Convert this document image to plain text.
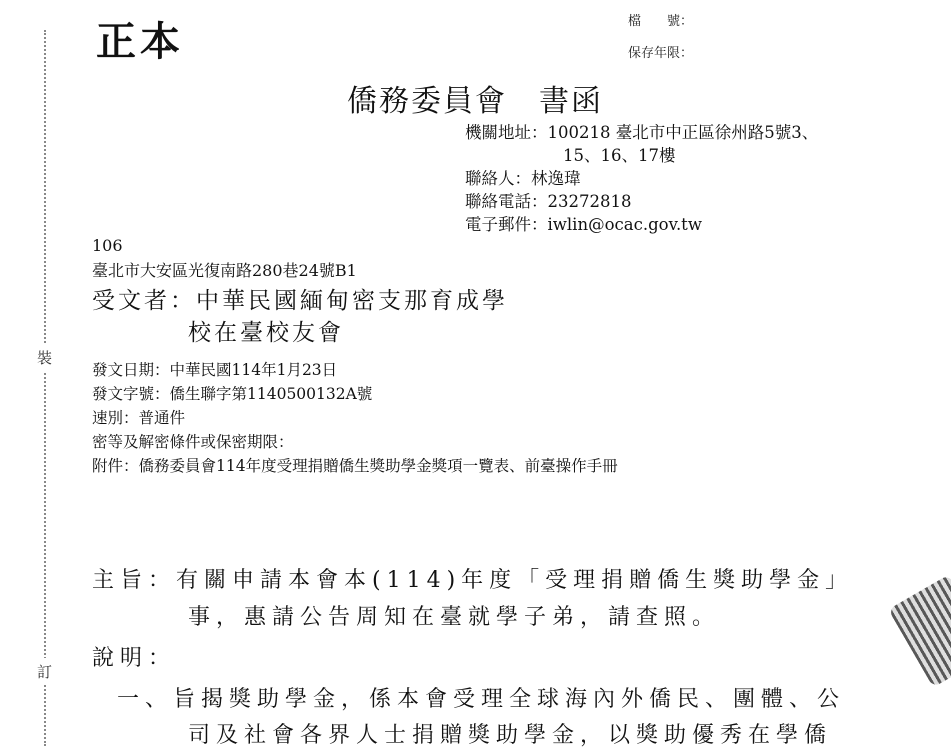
裝
訂
正本	檔　　號：
保存年限：
僑務委員會　書函
機關地址：100218 臺北市中正區徐州路5號3、
15、16、17樓
聯絡人：林逸瑋
聯絡電話：23272818
電子郵件：iwlin@ocac.gov.tw
106
臺北市大安區光復南路280巷24號B1
受文者：中華民國緬甸密支那育成學
校在臺校友會
發文日期：中華民國114年1月23日
發文字號：僑生聯字第1140500132A號
速別：普通件
密等及解密條件或保密期限：
附件：僑務委員會114年度受理捐贈僑生獎助學金獎項一覽表、前臺操作手冊
主旨：有關申請本會本(114)年度「受理捐贈僑生獎助學金」
事，惠請公告周知在臺就學子弟，請查照。
說明：
一、旨揭獎助學金，係本會受理全球海內外僑民、團體、公
司及社會各界人士捐贈獎助學金，以獎助優秀在學僑
